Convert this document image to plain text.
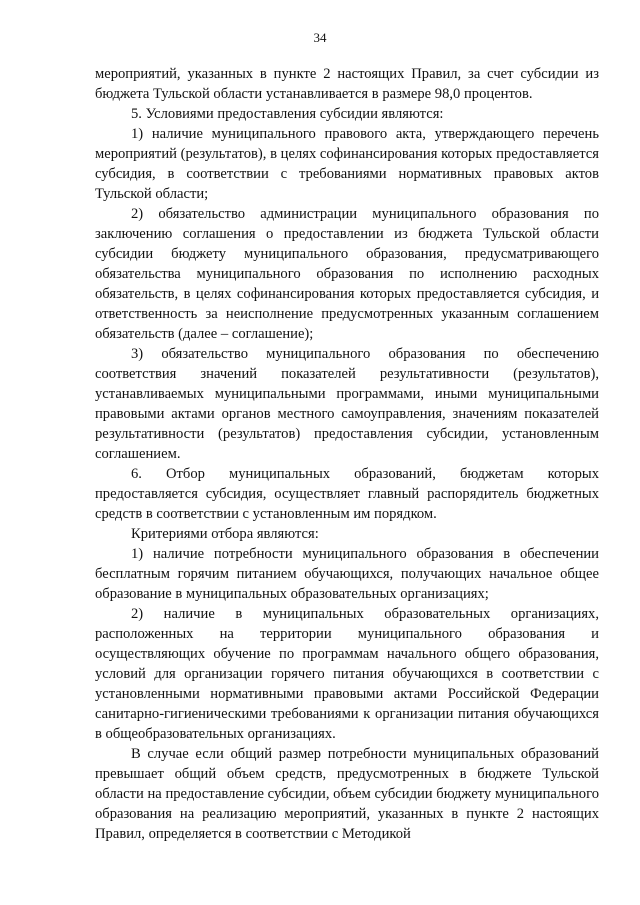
34

мероприятий, указанных в пункте 2 настоящих Правил, за счет субсидии из бюджета Тульской области устанавливается в размере 98,0 процентов.

5. Условиями предоставления субсидии являются:

1) наличие муниципального правового акта, утверждающего перечень мероприятий (результатов), в целях софинансирования которых предоставляется субсидия, в соответствии с требованиями нормативных правовых актов Тульской области;

2) обязательство администрации муниципального образования по заключению соглашения о предоставлении из бюджета Тульской области субсидии бюджету муниципального образования, предусматривающего обязательства муниципального образования по исполнению расходных обязательств, в целях софинансирования которых предоставляется субсидия, и ответственность за неисполнение предусмотренных указанным соглашением обязательств (далее – соглашение);

3) обязательство муниципального образования по обеспечению соответствия значений показателей результативности (результатов), устанавливаемых муниципальными программами, иными муниципальными правовыми актами органов местного самоуправления, значениям показателей результативности (результатов) предоставления субсидии, установленным соглашением.

6. Отбор муниципальных образований, бюджетам которых предоставляется субсидия, осуществляет главный распорядитель бюджетных средств в соответствии с установленным им порядком.

Критериями отбора являются:

1) наличие потребности муниципального образования в обеспечении бесплатным горячим питанием обучающихся, получающих начальное общее образование в муниципальных образовательных организациях;

2) наличие в муниципальных образовательных организациях, расположенных на территории муниципального образования и осуществляющих обучение по программам начального общего образования, условий для организации горячего питания обучающихся в соответствии с установленными нормативными правовыми актами Российской Федерации санитарно-гигиеническими требованиями к организации питания обучающихся в общеобразовательных организациях.

В случае если общий размер потребности муниципальных образований превышает общий объем средств, предусмотренных в бюджете Тульской области на предоставление субсидии, объем субсидии бюджету муниципального образования на реализацию мероприятий, указанных в пункте 2 настоящих Правил, определяется в соответствии с Методикой
